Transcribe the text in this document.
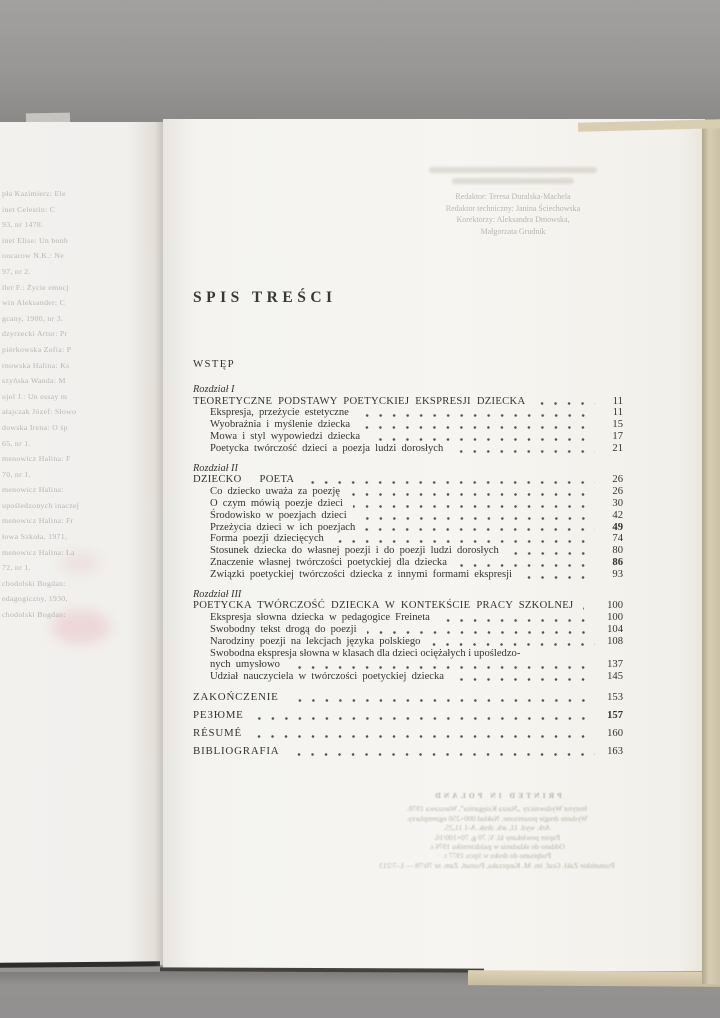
pła Kazimierz: Ele
inet Celestin: C
93, nr 1478.
inet Elise: Un bonh
oncarow N.K.: Ne
97, nr 2.
ller F.: Życie emocj
win Aleksander: C
gcany, 1900, nr 3.
dzyrzecki Artur: Pr
piórkowska Zofia: P
rnowska Halina: Ks
szyńska Wanda: M
ujol J.: Un essay m
ałajczak Józef: Słowo
dowska Irena: O śp
65, nr 1.
menowicz Halina: F
70, nr 1.
menowicz Halina:
upośledzonych inaczej
menowicz Halina: Fr
łowa Szkoła, 1971,
menowicz Halina: La
72, nr 1.
chodolski Bogdan:
edagogiczny, 1930,
chodolski Bogdan:
Redaktor: Teresa Duralska-Machela
Redaktor techniczny: Janina Ściechowska
Korektorzy: Aleksandra Dmowska,
Małgorzata Grudnik
SPIS TREŚCI
WSTĘP
Rozdział I
TEORETYCZNE PODSTAWY POETYCKIEJ EKSPRESJI DZIECKA	11
Ekspresja, przeżycie estetyczne	11
Wyobraźnia i myślenie dziecka	15
Mowa i styl wypowiedzi dziecka	17
Poetycka twórczość dzieci a poezja ludzi dorosłych	21
Rozdział II
DZIECKO POETA	26
Co dziecko uważa za poezję	26
O czym mówią poezje dzieci	30
Środowisko w poezjach dzieci	42
Przeżycia dzieci w ich poezjach	49
Forma poezji dziecięcych	74
Stosunek dziecka do własnej poezji i do poezji ludzi dorosłych	80
Znaczenie własnej twórczości poetyckiej dla dziecka	86
Związki poetyckiej twórczości dziecka z innymi formami ekspresji	93
Rozdział III
POETYCKA TWÓRCZOŚĆ DZIECKA W KONTEKŚCIE PRACY SZKOLNEJ	100
Ekspresja słowna dziecka w pedagogice Freineta	100
Swobodny tekst drogą do poezji	104
Narodziny poezji na lekcjach języka polskiego	108
Swobodna ekspresja słowna w klasach dla dzieci ociężałych i upośledzo-
nych umysłowo	137
Udział nauczyciela w twórczości poetyckiej dziecka	145
ZAKOŃCZENIE	153
РЕЗЮМЕ	157
RÉSUMÉ	160
BIBLIOGRAFIA	163
PRINTED IN POLAND
Instytut Wydawniczy „Nasza Księgarnia”, Warszawa 1978.
Wydanie drugie poszerzone. Nakład 000+250 egzemplarzy.
Ark. wyd. 11, ark. druk. A-1 11,25.
Papier powlekany kl. V, 70 g, 70×100/16.
Oddano do składania w październiku 1976 r.
Podpisano do druku w lipcu 1977 r.
Poznańskie Zakł. Graf. im. M. Kasprzaka, Poznań. Zam. nr 70/78 — L-7/213
